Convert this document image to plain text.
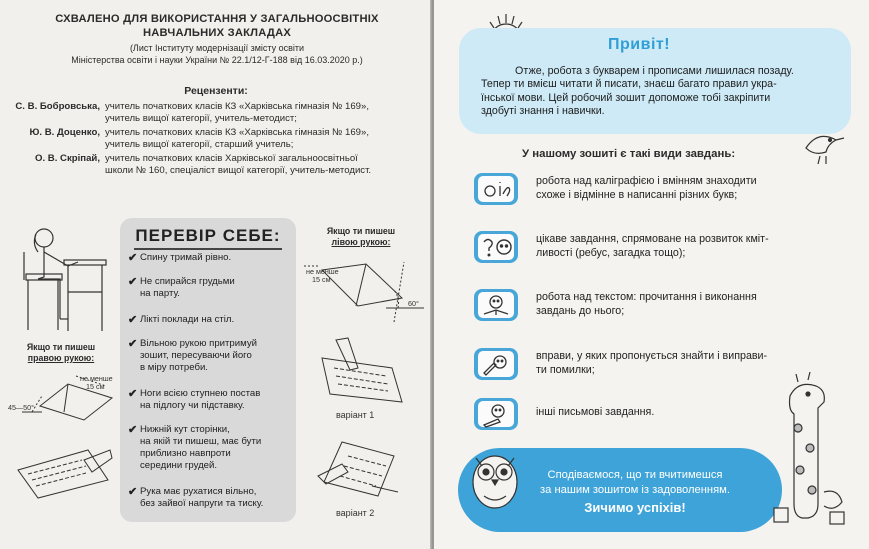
СХВАЛЕНО ДЛЯ ВИКОРИСТАННЯ У ЗАГАЛЬНООСВІТНІХ
НАВЧАЛЬНИХ ЗАКЛАДАХ
(Лист Інституту модернізації змісту освіти
Міністерства освіти і науки України № 22.1/12-Г-188 від 16.03.2020 р.)
Рецензенти:
С. В. Бобровська, учитель початкових класів КЗ «Харківська гімназія № 169»,
учитель вищої категорії, учитель-методист;
Ю. В. Доценко, учитель початкових класів КЗ «Харківська гімназія № 169»,
учитель вищої категорії, старший учитель;
О. В. Скріпай, учитель початкових класів Харківської загальноосвітньої
школи № 160, спеціаліст вищої категорії, учитель-методист.
Якщо ти пишеш
правою рукою:
45—50°
не менше
15 см
ПЕРЕВІР СЕБЕ:
✔ Спину тримай рівно.
✔ Не спирайся грудьми
на парту.
✔ Лікті поклади на стіл.
✔ Вільною рукою притримуй
зошит, пересуваючи його
в міру потреби.
✔ Ноги всією ступнею постав
на підлогу чи підставку.
✔ Нижній кут сторінки,
на якій ти пишеш, має бути
приблизно навпроти
середини грудей.
✔ Рука має рухатися вільно,
без зайвої напруги та тиску.
Якщо ти пишеш
лівою рукою:
не менше
15 см
60°
варіант 1
варіант 2
Привіт!
Отже, робота з букварем і прописами лишилася позаду.
Тепер ти вмієш читати й писати, знаєш багато правил укра-
їнської мови. Цей робочий зошит допоможе тобі закріпити
здобуті знання і навички.
У нашому зошиті є такі види завдань:
робота над каліграфією і вмінням знаходити
схоже і відмінне в написанні різних букв;
цікаве завдання, спрямоване на розвиток кміт-
ливості (ребус, загадка тощо);
робота над текстом: прочитання і виконання
завдань до нього;
вправи, у яких пропонується знайти і виправи-
ти помилки;
інші письмові завдання.
Сподіваємося, що ти вчитимешся
за нашим зошитом із задоволенням.
Зичимо успіхів!
